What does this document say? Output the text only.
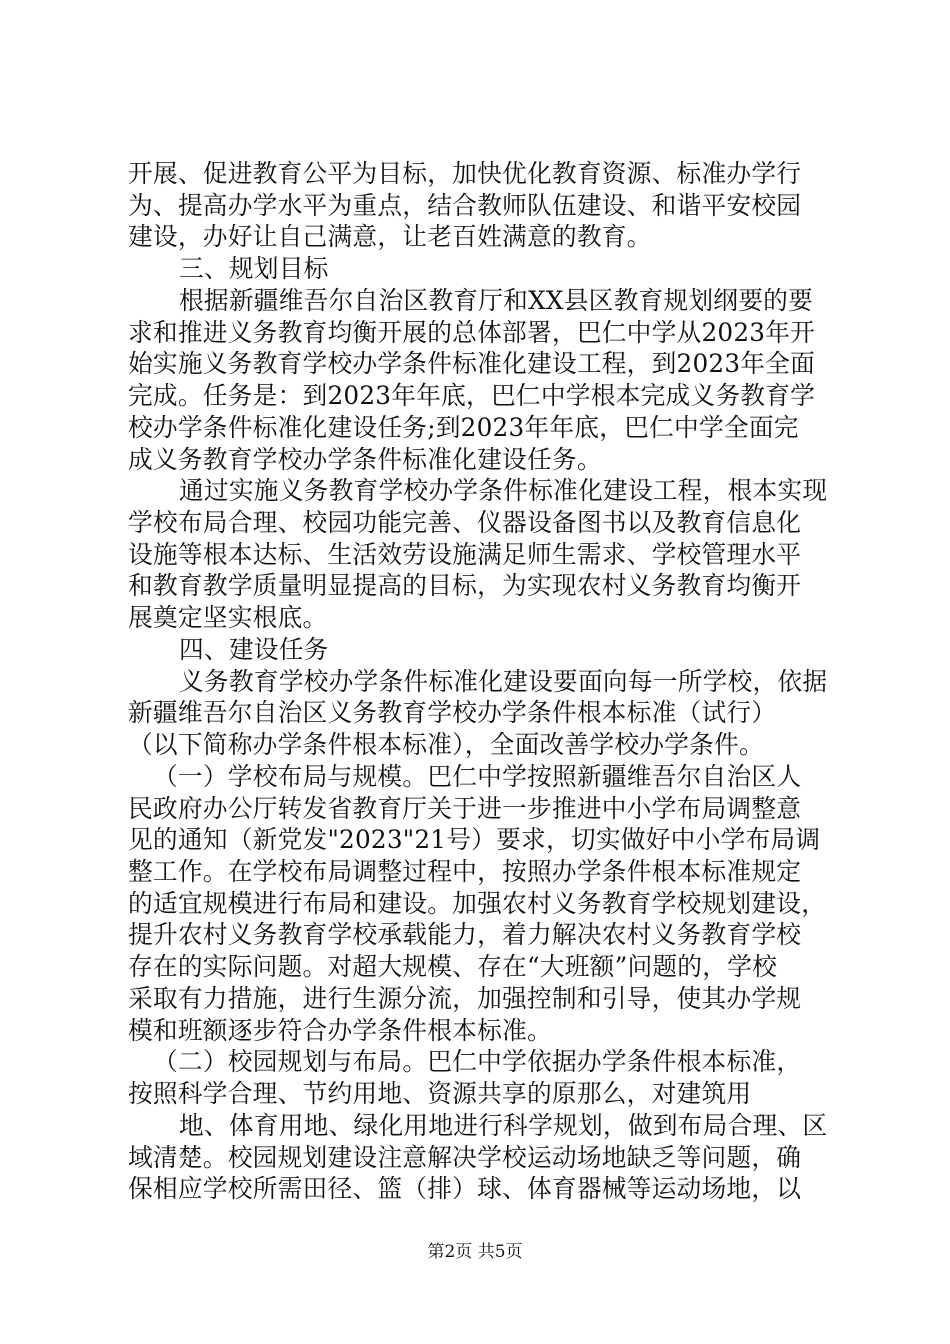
开展、促进教育公平为目标，加快优化教育资源、标准办学行
为、提高办学水平为重点，结合教师队伍建设、和谐平安校园
建设，办好让自己满意，让老百姓满意的教育。
三、规划目标
根据新疆维吾尔自治区教育厅和XX县区教育规划纲要的要
求和推进义务教育均衡开展的总体部署，巴仁中学从2023年开
始实施义务教育学校办学条件标准化建设工程，到2023年全面
完成。任务是：到2023年年底，巴仁中学根本完成义务教育学
校办学条件标准化建设任务;到2023年年底，巴仁中学全面完
成义务教育学校办学条件标准化建设任务。
通过实施义务教育学校办学条件标准化建设工程，根本实现
学校布局合理、校园功能完善、仪器设备图书以及教育信息化
设施等根本达标、生活效劳设施满足师生需求、学校管理水平
和教育教学质量明显提高的目标，为实现农村义务教育均衡开
展奠定坚实根底。
四、建设任务
义务教育学校办学条件标准化建设要面向每一所学校，依据
新疆维吾尔自治区义务教育学校办学条件根本标准（试行）
（以下简称办学条件根本标准），全面改善学校办学条件。
（一）学校布局与规模。巴仁中学按照新疆维吾尔自治区人
民政府办公厅转发省教育厅关于进一步推进中小学布局调整意
见的通知（新党发"2023"21号）要求，切实做好中小学布局调
整工作。在学校布局调整过程中，按照办学条件根本标准规定
的适宜规模进行布局和建设。加强农村义务教育学校规划建设，
提升农村义务教育学校承载能力，着力解决农村义务教育学校
存在的实际问题。对超大规模、存在“大班额”问题的，学校
采取有力措施，进行生源分流，加强控制和引导，使其办学规
模和班额逐步符合办学条件根本标准。
（二）校园规划与布局。巴仁中学依据办学条件根本标准，
按照科学合理、节约用地、资源共享的原那么，对建筑用
地、体育用地、绿化用地进行科学规划，做到布局合理、区
域清楚。校园规划建设注意解决学校运动场地缺乏等问题，确
保相应学校所需田径、篮（排）球、体育器械等运动场地，以
第2页 共5页
